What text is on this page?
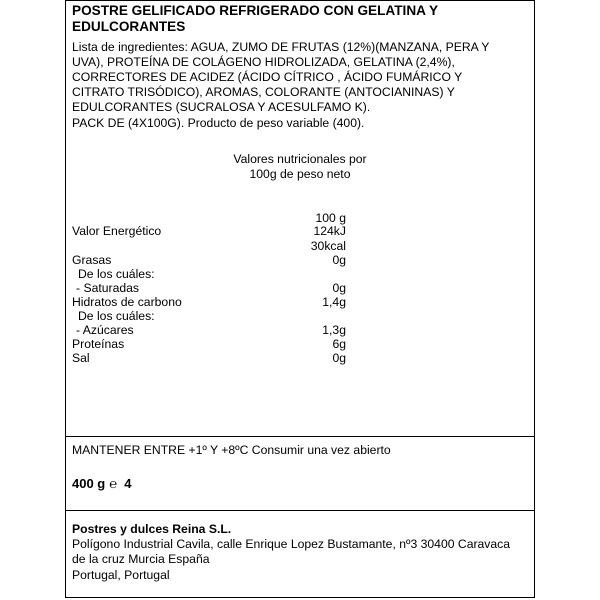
POSTRE GELIFICADO REFRIGERADO CON GELATINA Y
EDULCORANTES
Lista de ingredientes: AGUA, ZUMO DE FRUTAS (12%)(MANZANA, PERA Y
UVA), PROTEÍNA DE COLÁGENO HIDROLIZADA, GELATINA (2,4%),
CORRECTORES DE ACIDEZ (ÁCIDO CÍTRICO , ÁCIDO FUMÁRICO Y
CITRATO TRISÓDICO), AROMAS, COLORANTE (ANTOCIANINAS) Y
EDULCORANTES (SUCRALOSA Y ACESULFAMO K).
PACK DE (4X100G). Producto de peso variable (400).
Valores nutricionales por
100g de peso neto
100 g
Valor Energético	124kJ
30kcal
Grasas	0g
De los cuáles:
- Saturadas	0g
Hidratos de carbono	1,4g
De los cuáles:
- Azúcares	1,3g
Proteínas	6g
Sal	0g
MANTENER ENTRE +1º Y +8ºC Consumir una vez abierto
400 g ℮ 4
Postres y dulces Reina S.L.
Polígono Industrial Cavila, calle Enrique Lopez Bustamante, nº3 30400 Caravaca
de la cruz Murcia España
Portugal, Portugal
